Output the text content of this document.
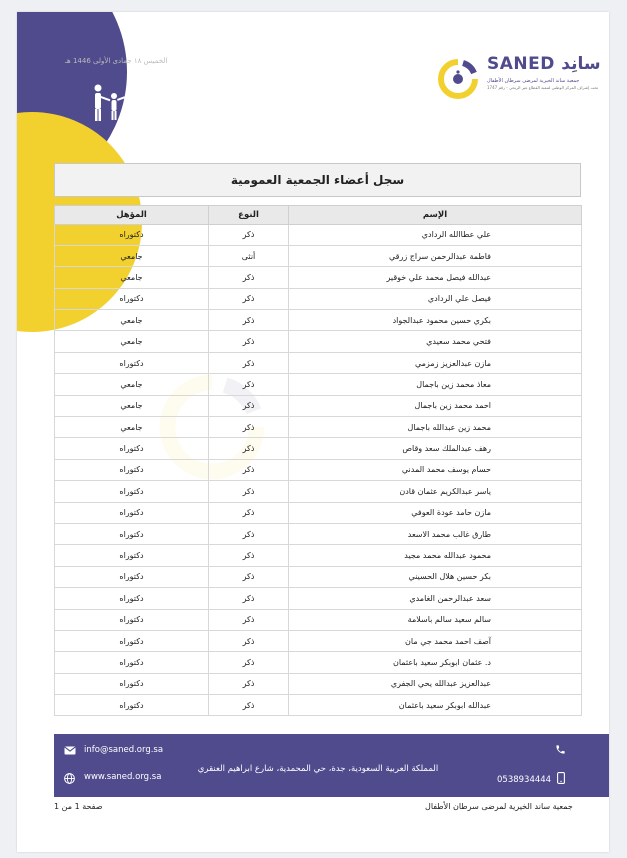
الخميس ١٨ جمادى الأولى 1446 هـ	SANED سانِد
جمعية ساند الخيرية لمرضى سرطان الأطفال
تحت إشراف المركز الوطني لتنمية القطاع غير الربحي - رقم 1747
سجل أعضاء الجمعية العمومية
الإسم	النوع	المؤهل
علي عطاالله الردادي	ذكر	دكتوراه
فاطمة عبدالرحمن سراج زرقي	أنثى	جامعي
عبدالله فيصل محمد علي خوقير	ذكر	جامعي
فيصل علي الردادي	ذكر	دكتوراه
بكري حسين محمود عبدالجواد	ذكر	جامعي
فتحي محمد سعيدي	ذكر	جامعي
مازن عبدالعزيز زمزمي	ذكر	دكتوراه
معاذ محمد زين باجمال	ذكر	جامعي
احمد محمد زين باجمال	ذكر	جامعي
محمد زين عبدالله باجمال	ذكر	جامعي
رهف عبدالملك سعد وقاص	ذكر	دكتوراه
حسام يوسف محمد المدني	ذكر	دكتوراه
ياسر عبدالكريم عثمان قادن	ذكر	دكتوراه
مازن حامد عودة العوفي	ذكر	دكتوراه
طارق غالب محمد الاسعد	ذكر	دكتوراه
محمود عبدالله محمد مجيد	ذكر	دكتوراه
بكر حسين هلال الحسيني	ذكر	دكتوراه
سعد عبدالرحمن الغامدي	ذكر	دكتوراه
سالم سعيد سالم باسلامة	ذكر	دكتوراه
آصف احمد محمد جي مان	ذكر	دكتوراه
د. عثمان ابوبكر سعيد باعثمان	ذكر	دكتوراه
عبدالعزيز عبدالله يحي الجفري	ذكر	دكتوراه
عبدالله ابوبكر سعيد باعثمان	ذكر	دكتوراه
info@saned.org.sa
www.saned.org.sa
المملكة العربية السعودية، جدة، حي المحمدية، شارع ابراهيم العنقري
0538934444
جمعية ساند الخيرية لمرضى سرطان الأطفال
صفحة 1 من 1
